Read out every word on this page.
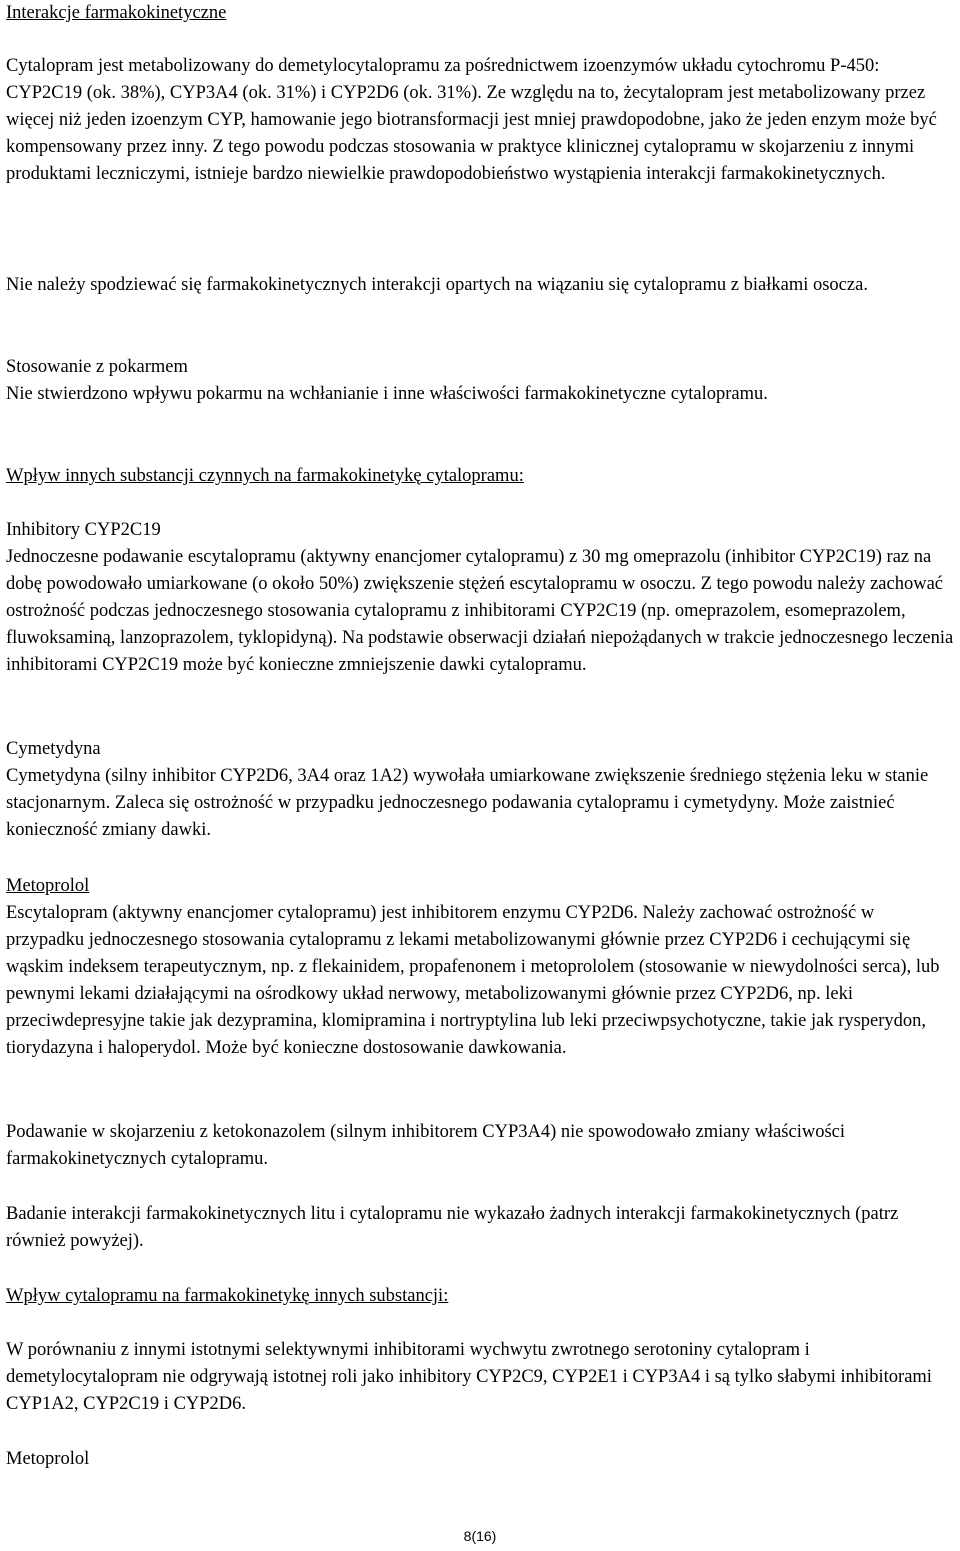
Interakcje farmakokinetyczne

Cytalopram jest metabolizowany do demetylocytalopramu za pośrednictwem izoenzymów układu cytochromu P-450: CYP2C19 (ok. 38%), CYP3A4 (ok. 31%) i CYP2D6 (ok. 31%). Ze względu na to, żecytalopram jest metabolizowany przez więcej niż jeden izoenzym CYP, hamowanie jego biotransformacji jest mniej prawdopodobne, jako że jeden enzym może być kompensowany przez inny. Z tego powodu podczas stosowania w praktyce klinicznej cytalopramu w skojarzeniu z innymi produktami leczniczymi, istnieje bardzo niewielkie prawdopodobieństwo wystąpienia interakcji farmakokinetycznych.

Nie należy spodziewać się farmakokinetycznych interakcji opartych na wiązaniu się cytalopramu z białkami osocza.

Stosowanie z pokarmem

Nie stwierdzono wpływu pokarmu na wchłanianie i inne właściwości farmakokinetyczne cytalopramu.

Wpływ innych substancji czynnych na farmakokinetykę cytalopramu:

Inhibitory CYP2C19

Jednoczesne podawanie escytalopramu (aktywny enancjomer cytalopramu) z 30 mg omeprazolu (inhibitor CYP2C19) raz na dobę powodowało umiarkowane (o około 50%) zwiększenie stężeń escytalopramu w osoczu. Z tego powodu należy zachować ostrożność podczas jednoczesnego stosowania cytalopramu z inhibitorami CYP2C19 (np. omeprazolem, esomeprazolem, fluwoksaminą, lanzoprazolem, tyklopidyną). Na podstawie obserwacji działań niepożądanych w trakcie jednoczesnego leczenia inhibitorami CYP2C19 może być konieczne zmniejszenie dawki cytalopramu.

Cymetydyna

Cymetydyna (silny inhibitor CYP2D6, 3A4 oraz 1A2) wywołała umiarkowane zwiększenie średniego stężenia leku w stanie stacjonarnym. Zaleca się ostrożność w przypadku jednoczesnego podawania cytalopramu i cymetydyny. Może zaistnieć konieczność zmiany dawki.

Metoprolol

Escytalopram (aktywny enancjomer cytalopramu) jest inhibitorem enzymu CYP2D6. Należy zachować ostrożność w przypadku jednoczesnego stosowania cytalopramu z lekami metabolizowanymi głównie przez CYP2D6 i cechującymi się wąskim indeksem terapeutycznym, np. z flekainidem, propafenonem i metoprololem (stosowanie w niewydolności serca), lub pewnymi lekami działającymi na ośrodkowy układ nerwowy, metabolizowanymi głównie przez CYP2D6, np. leki przeciwdepresyjne takie jak dezypramina, klomipramina i nortryptylina lub leki przeciwpsychotyczne, takie jak rysperydon, tiorydazyna i haloperydol. Może być konieczne dostosowanie dawkowania.

Podawanie w skojarzeniu z ketokonazolem (silnym inhibitorem CYP3A4) nie spowodowało zmiany właściwości farmakokinetycznych cytalopramu.

Badanie interakcji farmakokinetycznych litu i cytalopramu nie wykazało żadnych interakcji farmakokinetycznych (patrz również powyżej).

Wpływ cytalopramu na farmakokinetykę innych substancji:

W porównaniu z innymi istotnymi selektywnymi inhibitorami wychwytu zwrotnego serotoniny cytalopram i demetylocytalopram nie odgrywają istotnej roli jako inhibitory CYP2C9, CYP2E1 i CYP3A4 i są tylko słabymi inhibitorami CYP1A2, CYP2C19 i CYP2D6.

Metoprolol

8(16)
